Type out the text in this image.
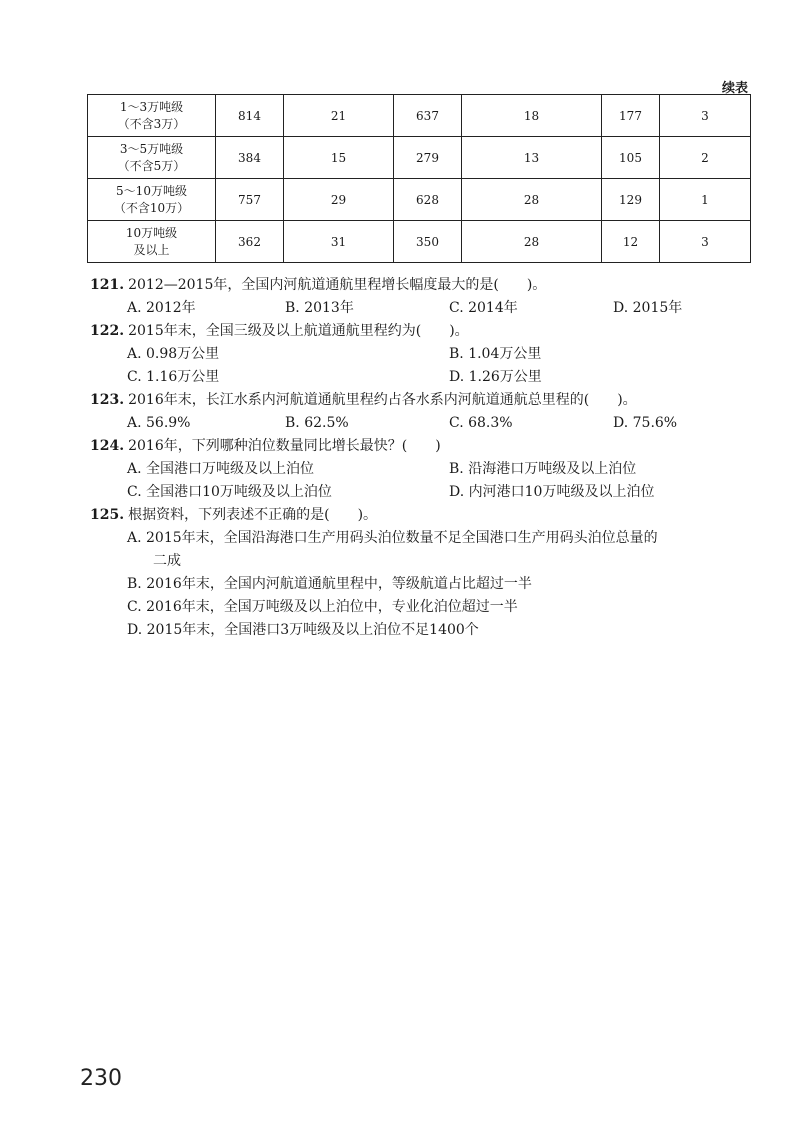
续表
1～3万吨级
（不含3万）	814	21	637	18	177	3
3～5万吨级
（不含5万）	384	15	279	13	105	2
5～10万吨级
（不含10万）	757	29	628	28	129	1
10万吨级
及以上	362	31	350	28	12	3
121. 2012—2015年，全国内河航道通航里程增长幅度最大的是(　　)。
A. 2012年	B. 2013年	C. 2014年	D. 2015年
122. 2015年末，全国三级及以上航道通航里程约为(　　)。
A. 0.98万公里	B. 1.04万公里
C. 1.16万公里	D. 1.26万公里
123. 2016年末，长江水系内河航道通航里程约占各水系内河航道通航总里程的(　　)。
A. 56.9%	B. 62.5%	C. 68.3%	D. 75.6%
124. 2016年，下列哪种泊位数量同比增长最快？(　　)
A. 全国港口万吨级及以上泊位	B. 沿海港口万吨级及以上泊位
C. 全国港口10万吨级及以上泊位	D. 内河港口10万吨级及以上泊位
125. 根据资料，下列表述不正确的是(　　)。
A. 2015年末，全国沿海港口生产用码头泊位数量不足全国港口生产用码头泊位总量的
二成
B. 2016年末，全国内河航道通航里程中，等级航道占比超过一半
C. 2016年末，全国万吨级及以上泊位中，专业化泊位超过一半
D. 2015年末，全国港口3万吨级及以上泊位不足1400个
230
